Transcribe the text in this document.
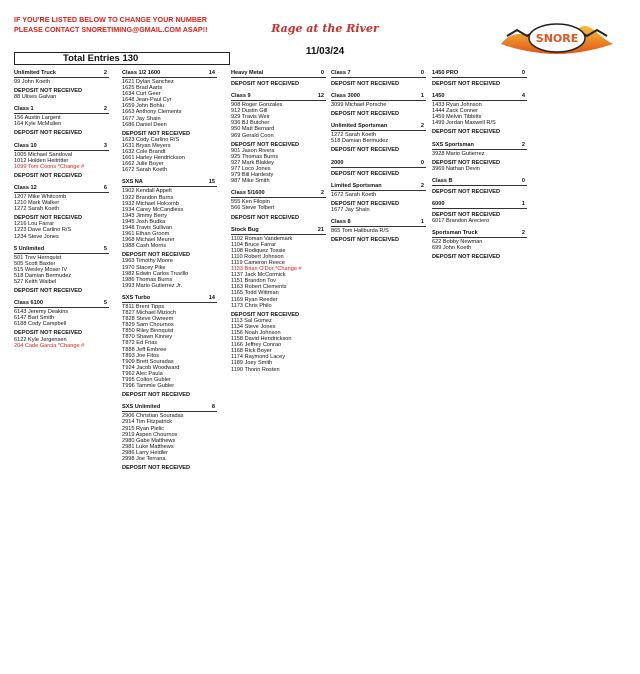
IF YOU'RE LISTED BELOW TO CHANGE YOUR NUMBER
PLEASE CONTACT SNORETIMING@GMAIL.COM ASAP!!	Rage at the River
11/03/24
SNORE
Total Entries 130
Unlimited Truck	2
99 John Koeth
DEPOSIT NOT RECEIVED
88 Ulises Galvan
Class 1	2
156 Austin Largent
164 Kyle McMullen
DEPOSIT NOT RECEIVED
Class 10	3
1005 Michael Sandoval
1012 Holden Heitritter
1099 Tom Coons *Change #
DEPOSIT NOT RECEIVED
Class 12	6
1207 Mike Whitcomb
1210 Mark Walker
1272 Sarah Koeth
DEPOSIT NOT RECEIVED
1216 Lou Farrar
1223 Dave Carlino R/S
1234 Steve Jones
5 Unlimited	5
501 Trev Hernquist
505 Scott Baxter
515 Wesley Moser IV
518 Damian Bermudez
527 Keith Waibel
DEPOSIT NOT RECEIVED
Class 6100	5
6143 Jeremy Deakins
6147 Bart Smith
6188 Cody Campbell
DEPOSIT NOT RECEIVED
6122 Kyle Jergensen
204 Cade Garcia *Change #
Class 1/2 1600	14
1621 Dylan Sanchez
1625 Brad Aarts
1634 Curt Geer
1648 Jean-Paul Cyr
1659 John Bohlu
1663 Anthony Clements
1677 Jay Shain
1686 Daniel Deen
DEPOSIT NOT RECEIVED
1623 Cody Carlino R/S
1631 Bryan Meyers
1632 Cole Brandt
1661 Harley Hendrickson
1662 Julie Boyer
1672 Sarah Koeth
SXS NA	15
1902 Kendall Appelt
1922 Brandon Burns
1932 Michael Holcomb
1934 Carey McCandless
1943 Jimmy Berry
1945 Josh Budka
1948 Travis Sullivan
1961 Ethan Groom
1968 Michael Meurer
1988 Cash Morris
DEPOSIT NOT RECEIVED
1963 Timothy Moore
1970 Stacey Pike
1982 Edwin Carlos Truvillo
1986 Thomas Burns
1993 Mario Gutierrez Jr.
SXS Turbo	14
T811 Brent Tipps
T827 Michael Mizioch
T828 Steve Owreem
T829 Sam Chournos
T850 Riley Binnquist
T870 Shawn Kinney
T872 Ed Frias
T888 Jeff Embree
T893 Joe Fitos
T909 Brett Souradas
T924 Jacob Woodward
T962 Alec Paula
T995 Colton Gubler
T996 Tammie Gubler
DEPOSIT NOT RECEIVED
SXS Unlimited	8
2906 Christian Souradas
2914 Tim Fitzpatrick
2915 Ryan Pielic
2919 Aspen Chournos
2980 Gabe Matthews
2981 Luke Matthews
2986 Larry Heidler
2998 Joe Terrana
DEPOSIT NOT RECEIVED
Heavy Metal	0
DEPOSIT NOT RECEIVED
Class 9	12
908 Roger Gonzales
912 Dustin Gill
929 Travis Weir
936 BJ Butcher
950 Matt Bernard
969 Gerald Coon
DEPOSIT NOT RECEIVED
901 Jason Rivera
925 Thomas Burns
927 Mark Blakley
977 Loco Jones
979 Bill Hardesty
987 Mike Smith
Class 5/1600	2
555 Ken Filopin
566 Steve Tolbert
DEPOSIT NOT RECEIVED
Stock Bug	21
1102 Roman Vandemark
1104 Bruce Farrar
1108 Rodiquez Tossie
1110 Robert Johnson
1119 Cameron Reece
1133 Brian O'Dor *Change #
1137 Jack McCormick
1151 Brandon Tov
1163 Robert Clements
1165 Todd Wittman
1169 Ryan Reeder
1173 Chris Philo
DEPOSIT NOT RECEIVED
1113 Sal Gomez
1134 Steve Jones
1156 Noah Johnson
1158 David Hendrickson
1166 Jeffrey Conrao
1168 Rick Boyer
1174 Raymond Lacey
1189 Joey Smith
1190 Thorin Rosten
Class 7	0
DEPOSIT NOT RECEIVED
Class 3000	1
3099 Michael Porsche
DEPOSIT NOT RECEIVED
Unlimited Sportsman	2
1272 Sarah Koeth
518 Damian Bermudez
DEPOSIT NOT RECEIVED
2000	0
DEPOSIT NOT RECEIVED
Limited Sportsman	2
1672 Sarah Koeth
DEPOSIT NOT RECEIVED
1677 Jay Shain
Class 8	1
865 Tom Haliburda R/S
DEPOSIT NOT RECEIVED
1450 PRO	0
DEPOSIT NOT RECEIVED
1450	4
1433 Ryan Johnson
1444 Zack Conner
1459 Melvin Tibbitts
1499 Jordan Maxwell R/S
DEPOSIT NOT RECEIVED
SXS Sportsman	2
3928 Mario Gutierrez
DEPOSIT NOT RECEIVED
3969 Nathan Devin
Class B	0
DEPOSIT NOT RECEIVED
6000	1
DEPOSIT NOT RECEIVED
6017 Brandon Areciero
Sportsman Truck	2
622 Bobby Newman
699 John Koeth
DEPOSIT NOT RECEIVED
